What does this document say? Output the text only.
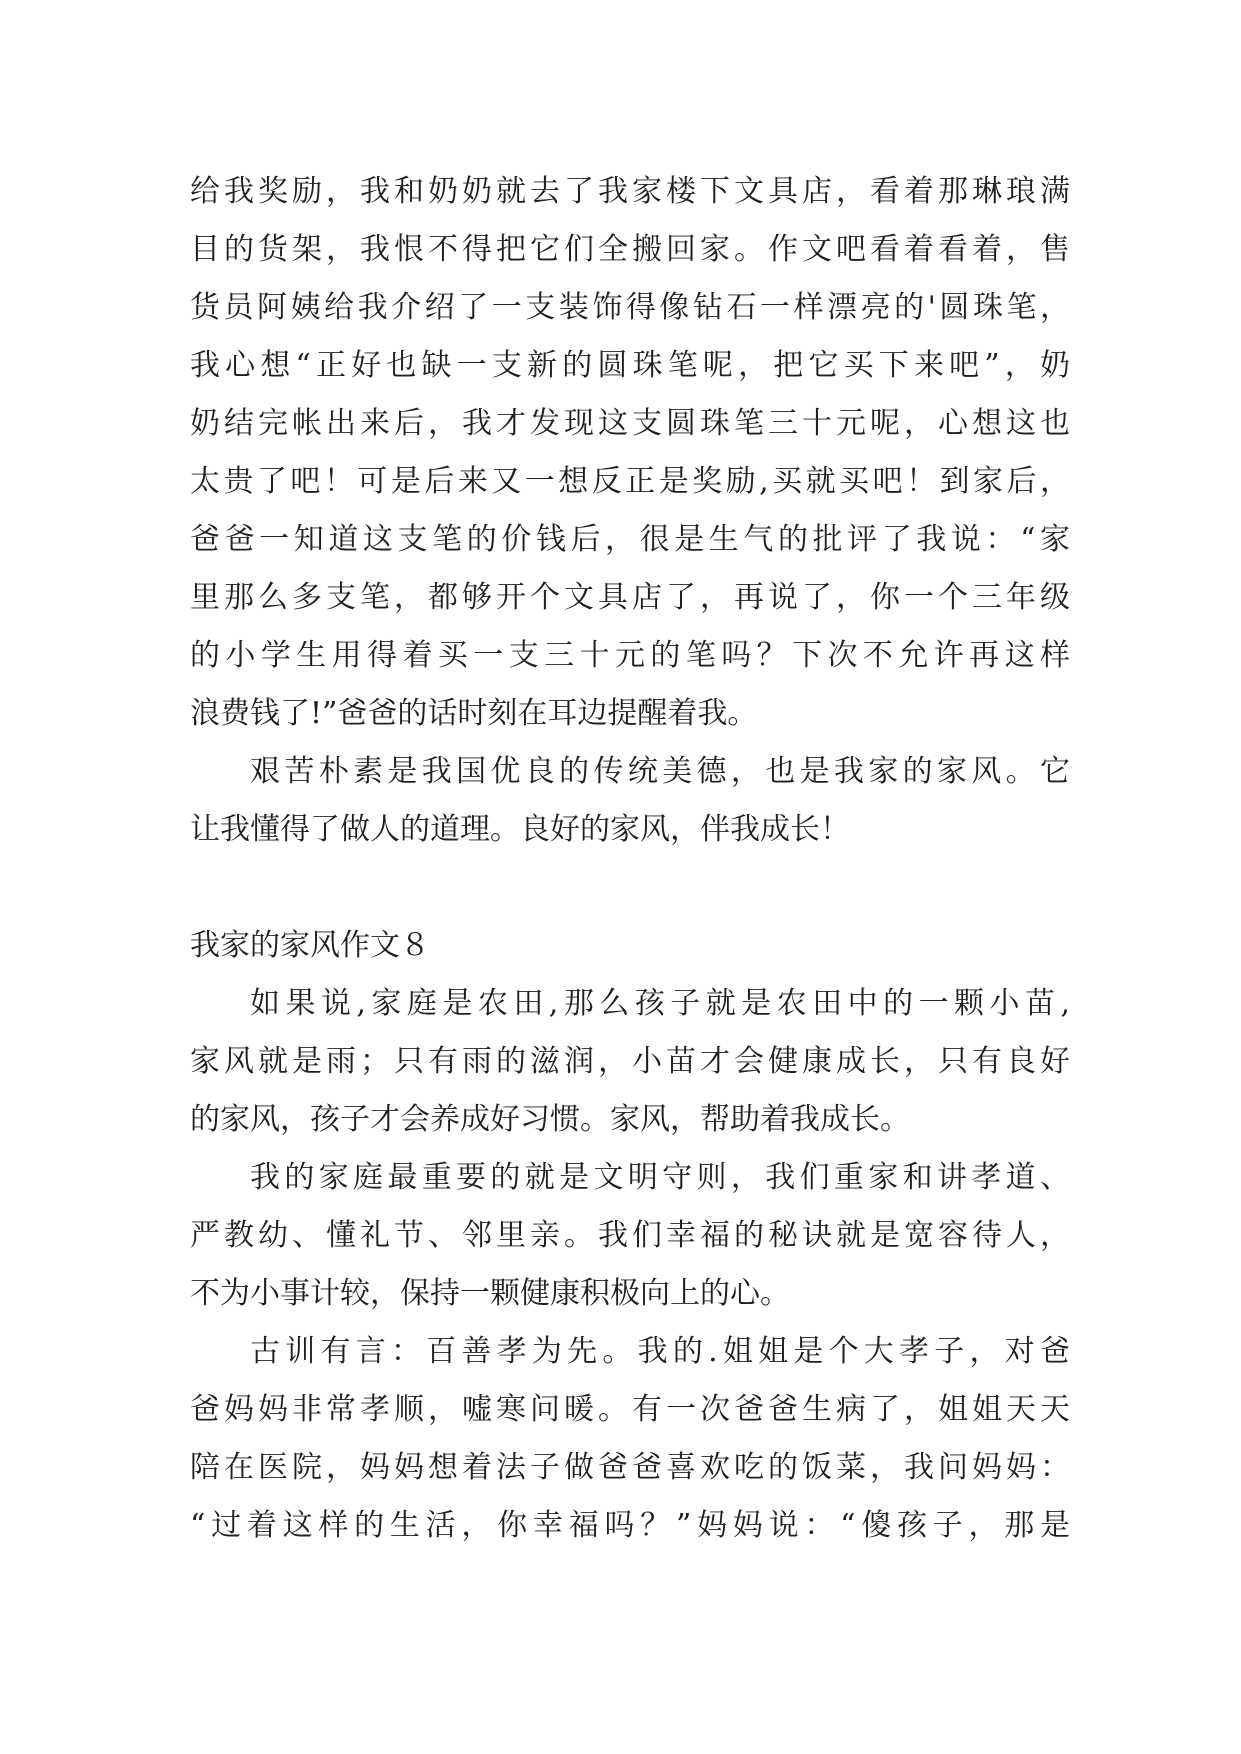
给我奖励，我和奶奶就去了我家楼下文具店，看着那琳琅满
目的货架，我恨不得把它们全搬回家。作文吧看着看着，售
货员阿姨给我介绍了一支装饰得像钻石一样漂亮的'圆珠笔，
我心想“正好也缺一支新的圆珠笔呢，把它买下来吧”，奶
奶结完帐出来后，我才发现这支圆珠笔三十元呢，心想这也
太贵了吧！可是后来又一想反正是奖励,买就买吧！到家后，
爸爸一知道这支笔的价钱后，很是生气的批评了我说：“家
里那么多支笔，都够开个文具店了，再说了，你一个三年级
的小学生用得着买一支三十元的笔吗？下次不允许再这样
浪费钱了!”爸爸的话时刻在耳边提醒着我。
艰苦朴素是我国优良的传统美德，也是我家的家风。它
让我懂得了做人的道理。良好的家风，伴我成长！
我家的家风作文８
如果说,家庭是农田,那么孩子就是农田中的一颗小苗,
家风就是雨；只有雨的滋润，小苗才会健康成长，只有良好
的家风，孩子才会养成好习惯。家风，帮助着我成长。
我的家庭最重要的就是文明守则，我们重家和讲孝道、
严教幼、懂礼节、邻里亲。我们幸福的秘诀就是宽容待人，
不为小事计较，保持一颗健康积极向上的心。
古训有言：百善孝为先。我的.姐姐是个大孝子，对爸
爸妈妈非常孝顺，嘘寒问暖。有一次爸爸生病了，姐姐天天
陪在医院，妈妈想着法子做爸爸喜欢吃的饭菜，我问妈妈：
“过着这样的生活，你幸福吗？”妈妈说：“傻孩子，那是
